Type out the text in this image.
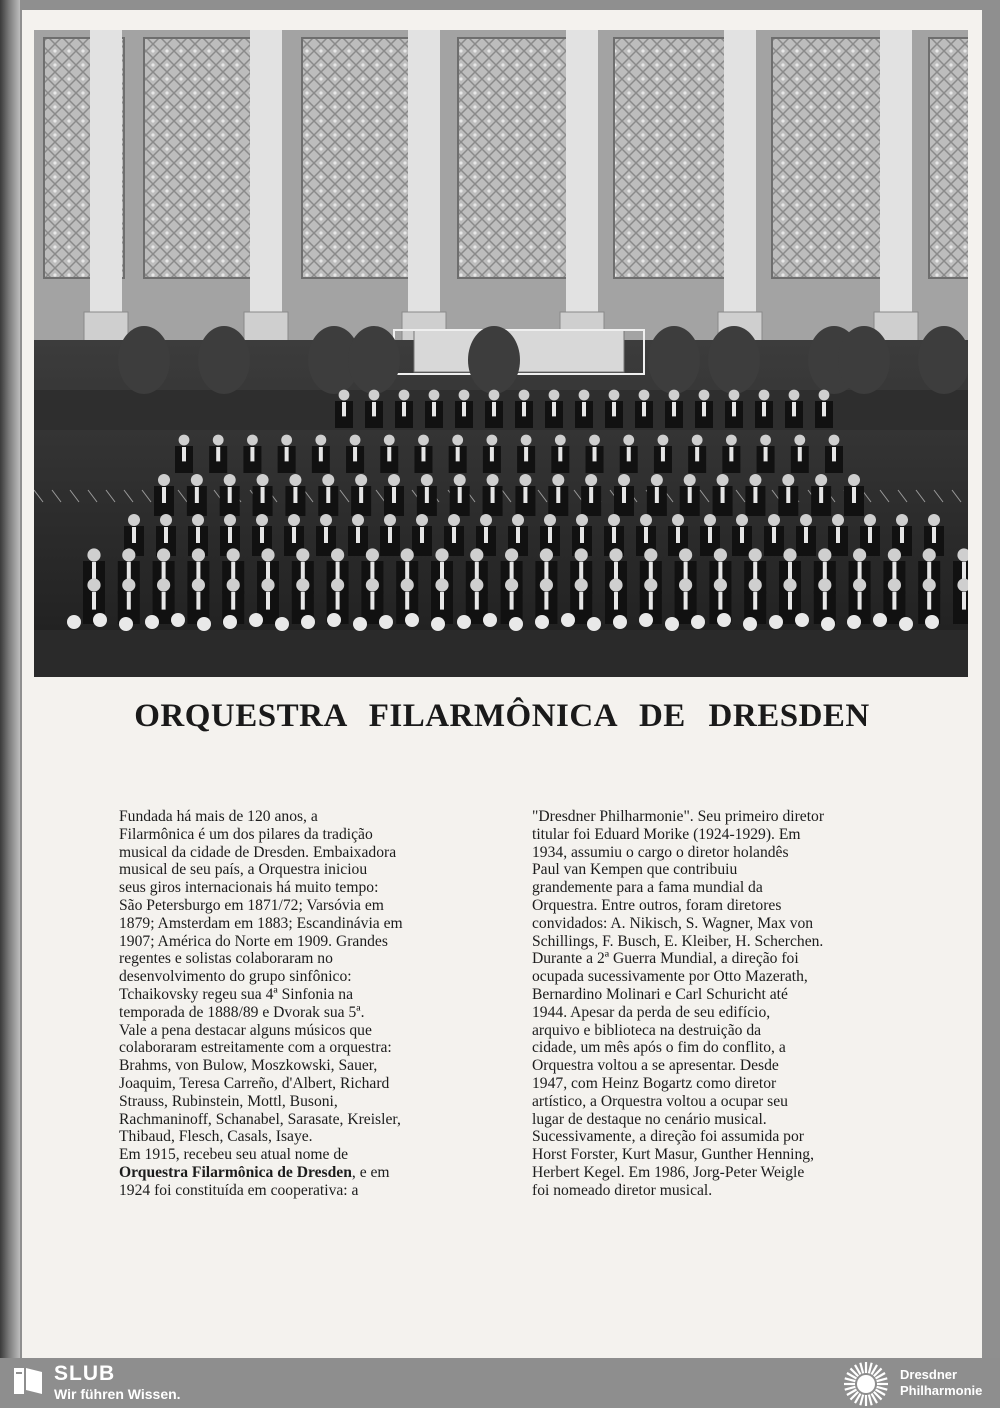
ORQUESTRA FILARMÔNICA DE DRESDEN

Fundada há mais de 120 anos, a
Filarmônica é um dos pilares da tradição
musical da cidade de Dresden. Embaixadora
musical de seu país, a Orquestra iniciou
seus giros internacionais há muito tempo:
São Petersburgo em 1871/72; Varsóvia em
1879; Amsterdam em 1883; Escandinávia em
1907; América do Norte em 1909. Grandes
regentes e solistas colaboraram no
desenvolvimento do grupo sinfônico:
Tchaikovsky regeu sua 4ª Sinfonia na
temporada de 1888/89 e Dvorak sua 5ª.
Vale a pena destacar alguns músicos que
colaboraram estreitamente com a orquestra:
Brahms, von Bulow, Moszkowski, Sauer,
Joaquim, Teresa Carreño, d'Albert, Richard
Strauss, Rubinstein, Mottl, Busoni,
Rachmaninoff, Schanabel, Sarasate, Kreisler,
Thibaud, Flesch, Casals, Isaye.
Em 1915, recebeu seu atual nome de
Orquestra Filarmônica de Dresden, e em
1924 foi constituída em cooperativa: a

"Dresdner Philharmonie". Seu primeiro diretor
titular foi Eduard Morike (1924-1929). Em
1934, assumiu o cargo o diretor holandês
Paul van Kempen que contribuiu
grandemente para a fama mundial da
Orquestra. Entre outros, foram diretores
convidados: A. Nikisch, S. Wagner, Max von
Schillings, F. Busch, E. Kleiber, H. Scherchen.
Durante a 2ª Guerra Mundial, a direção foi
ocupada sucessivamente por Otto Mazerath,
Bernardino Molinari e Carl Schuricht até
1944. Apesar da perda de seu edifício,
arquivo e biblioteca na destruição da
cidade, um mês após o fim do conflito, a
Orquestra voltou a se apresentar. Desde
1947, com Heinz Bogartz como diretor
artístico, a Orquestra voltou a ocupar seu
lugar de destaque no cenário musical.
Sucessivamente, a direção foi assumida por
Horst Forster, Kurt Masur, Gunther Henning,
Herbert Kegel. Em 1986, Jorg-Peter Weigle
foi nomeado diretor musical.

SLUB
Wir führen Wissen.
Dresdner
Philharmonie
